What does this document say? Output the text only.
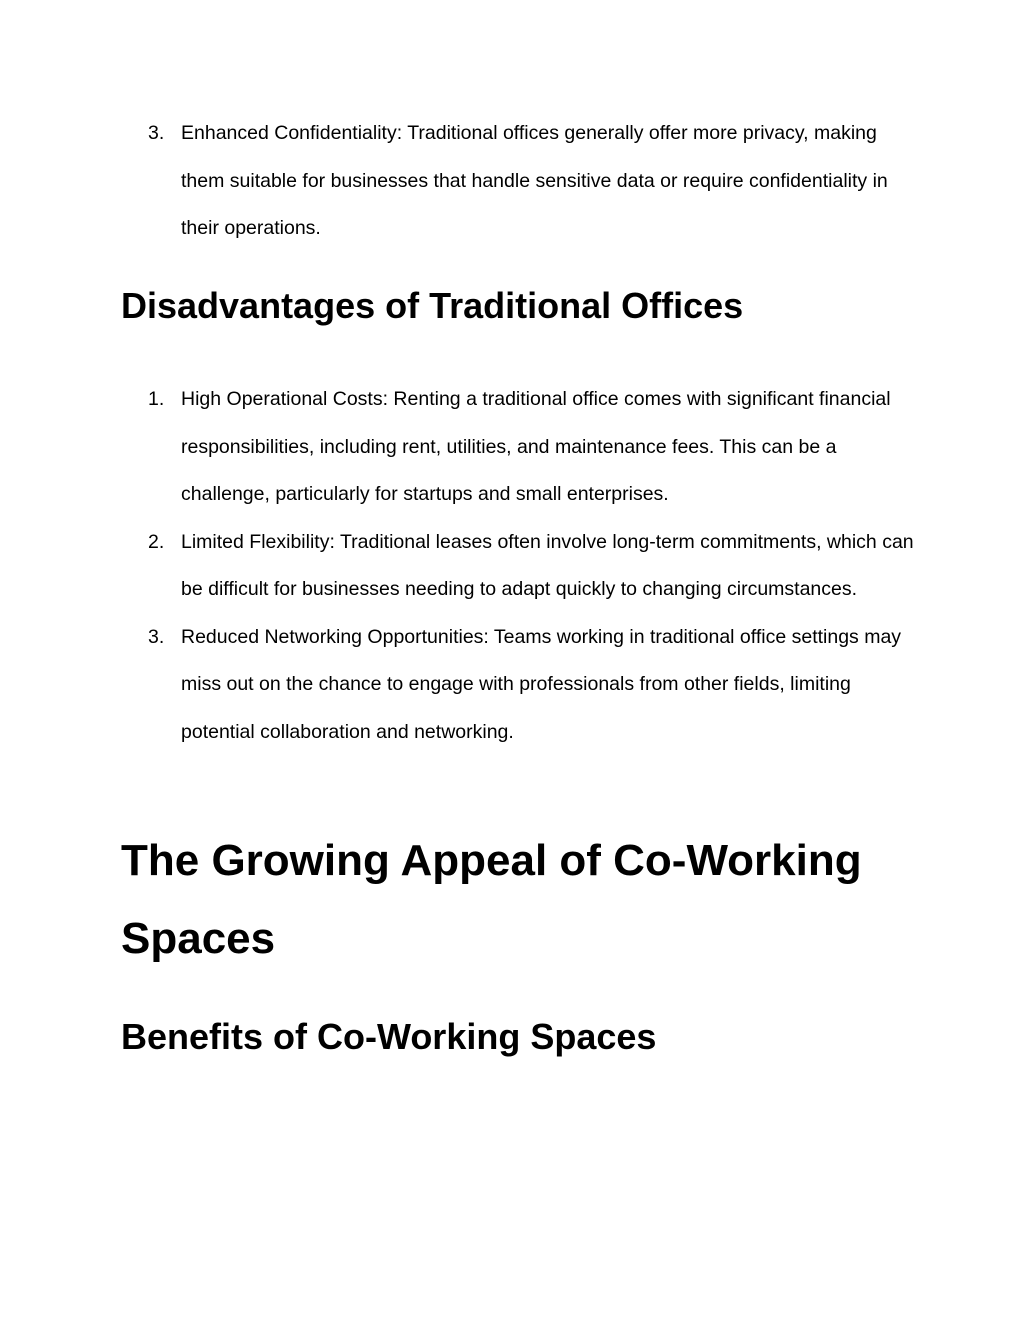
3. Enhanced Confidentiality: Traditional offices generally offer more privacy, making them suitable for businesses that handle sensitive data or require confidentiality in their operations.
Disadvantages of Traditional Offices
1. High Operational Costs: Renting a traditional office comes with significant financial responsibilities, including rent, utilities, and maintenance fees. This can be a challenge, particularly for startups and small enterprises.
2. Limited Flexibility: Traditional leases often involve long-term commitments, which can be difficult for businesses needing to adapt quickly to changing circumstances.
3. Reduced Networking Opportunities: Teams working in traditional office settings may miss out on the chance to engage with professionals from other fields, limiting potential collaboration and networking.
The Growing Appeal of Co-Working Spaces
Benefits of Co-Working Spaces
